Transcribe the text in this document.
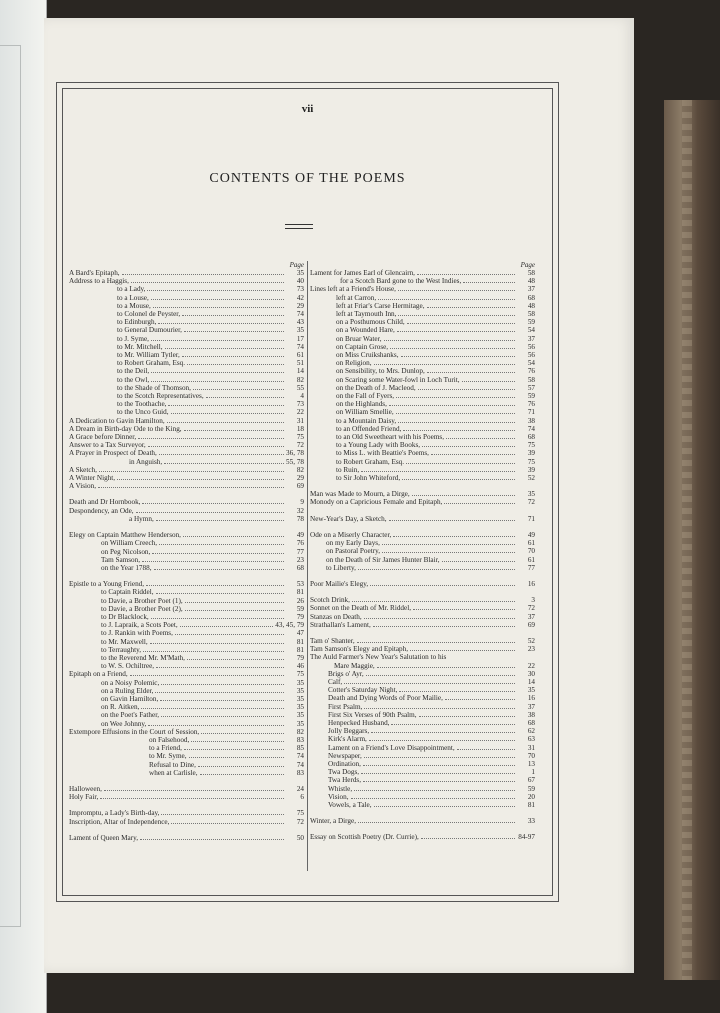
vii
CONTENTS OF THE POEMS
Page
A Bard's Epitaph,	35
Address to a Haggis,	40
to a Lady,	73
to a Louse,	42
to a Mouse,	29
to Colonel de Peyster,	74
to Edinburgh,	43
to General Dumourier,	35
to J. Syme,	17
to Mr. Mitchell,	74
to Mr. William Tytler,	61
to Robert Graham, Esq.	51
to the Deil,	14
to the Owl,	82
to the Shade of Thomson,	55
to the Scotch Representatives,	4
to the Toothache,	73
to the Unco Guid,	22
A Dedication to Gavin Hamilton,	31
A Dream in Birth-day Ode to the King,	18
A Grace before Dinner,	75
Answer to a Tax Surveyor,	72
A Prayer in Prospect of Death,	36, 78
in Anguish,	55, 78
A Sketch,	82
A Winter Night,	29
A Vision,	69
Death and Dr Hornbook,	9
Despondency, an Ode,	32
a Hymn,	78
Elegy on Captain Matthew Henderson,	49
on William Creech,	76
on Peg Nicolson,	77
Tam Samson,	23
on the Year 1788,	68
Epistle to a Young Friend,	53
to Captain Riddel,	81
to Davie, a Brother Poet (1),	26
to Davie, a Brother Poet (2),	59
to Dr Blacklock,	79
to J. Lapraik, a Scots Poet,	43, 45, 79
to J. Rankin with Poems,	47
to Mr. Maxwell,	81
to Terraughty,	81
to the Reverend Mr. M'Math,	79
to W. S. Ochiltree,	46
Epitaph on a Friend,	75
on a Noisy Polemic,	35
on a Ruling Elder,	35
on Gavin Hamilton,	35
on R. Aitken,	35
on the Poet's Father,	35
on Wee Johnny,	35
Extempore Effusions in the Court of Session,	82
on Falsehood,	83
to a Friend,	85
to Mr. Syme,	74
Refusal to Dine,	74
when at Carlisle,	83
Halloween,	24
Holy Fair,	6
Impromptu, a Lady's Birth-day,	75
Inscription, Altar of Independence,	72
Lament of Queen Mary,	50
Page
Lament for James Earl of Glencairn,	58
for a Scotch Bard gone to the West Indies,	48
Lines left at a Friend's House,	37
left at Carron,	68
left at Friar's Carse Hermitage,	48
left at Taymouth Inn,	58
on a Posthumous Child,	59
on a Wounded Hare,	54
on Bruar Water,	37
on Captain Grose,	56
on Miss Cruikshanks,	56
on Religion,	54
on Sensibility, to Mrs. Dunlop,	76
on Scaring some Water-fowl in Loch Turit,	58
on the Death of J. Macleod,	57
on the Fall of Fyers,	59
on the Highlands,	76
on William Smellie,	71
to a Mountain Daisy,	38
to an Offended Friend,	74
to an Old Sweetheart with his Poems,	68
to a Young Lady with Books,	75
to Miss L. with Beattie's Poems,	39
to Robert Graham, Esq.	75
to Ruin,	39
to Sir John Whiteford,	52
Man was Made to Mourn, a Dirge,	35
Monody on a Capricious Female and Epitaph,	72
New-Year's Day, a Sketch,	71
Ode on a Miserly Character,	49
on my Early Days,	61
on Pastoral Poetry,	70
on the Death of Sir James Hunter Blair,	61
to Liberty,	77
Poor Mailie's Elegy,	16
Scotch Drink,	3
Sonnet on the Death of Mr. Riddel,	72
Stanzas on Death,	37
Strathallan's Lament,	69
Tam o' Shanter,	52
Tam Samson's Elegy and Epitaph,	23
The Auld Farmer's New Year's Salutation to his
Mare Maggie,	22
Brigs o' Ayr,	30
Calf,	14
Cotter's Saturday Night,	35
Death and Dying Words of Poor Mailie,	16
First Psalm,	37
First Six Verses of 90th Psalm,	38
Henpecked Husband,	68
Jolly Beggars,	62
Kirk's Alarm,	63
Lament on a Friend's Love Disappointment,	31
Newspaper,	70
Ordination,	13
Twa Dogs,	1
Twa Herds,	67
Whistle,	59
Vision,	20
Vowels, a Tale,	81
Winter, a Dirge,	33
Essay on Scottish Poetry (Dr. Currie),	84-97
